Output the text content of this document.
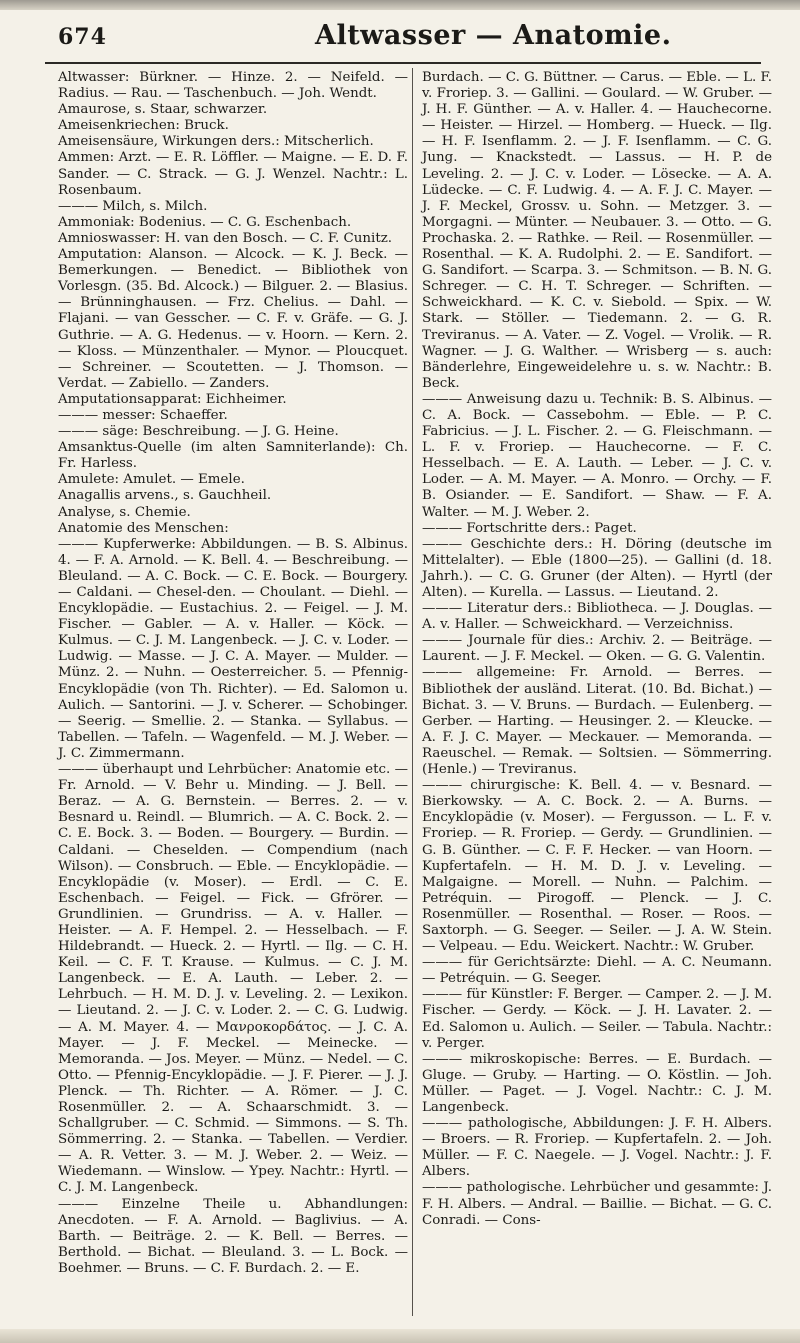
674	Altwasser — Anatomie.

Altwasser: Bürkner. — Hinze. 2. — Neifeld. — Radius. — Rau. — Taschenbuch. — Joh. Wendt.

Amaurose, s. Staar, schwarzer.

Ameisenkriechen: Bruck.

Ameisensäure, Wirkungen ders.: Mitscherlich.

Ammen: Arzt. — E. R. Löffler. — Maigne. — E. D. F. Sander. — C. Strack. — G. J. Wenzel. Nachtr.: L. Rosenbaum.

——— Milch, s. Milch.

Ammoniak: Bodenius. — C. G. Eschenbach.

Amnioswasser: H. van den Bosch. — C. F. Cunitz.

Amputation: Alanson. — Alcock. — K. J. Beck. — Bemerkungen. — Benedict. — Bibliothek von Vorlesgn. (35. Bd. Alcock.) — Bilguer. 2. — Blasius. — Brünninghausen. — Frz. Chelius. — Dahl. — Flajani. — van Gesscher. — C. F. v. Gräfe. — G. J. Guthrie. — A. G. Hedenus. — v. Hoorn. — Kern. 2. — Kloss. — Münzenthaler. — Mynor. — Ploucquet. — Schreiner. — Scoutetten. — J. Thomson. — Verdat. — Zabiello. — Zanders.

Amputationsapparat: Eichheimer.

——— messer: Schaeffer.

——— säge: Beschreibung. — J. G. Heine.

Amsanktus-Quelle (im alten Samniterlande): Ch. Fr. Harless.

Amulete: Amulet. — Emele.

Anagallis arvens., s. Gauchheil.

Analyse, s. Chemie.

Anatomie des Menschen:

——— Kupferwerke: Abbildungen. — B. S. Albinus. 4. — F. A. Arnold. — K. Bell. 4. — Beschreibung. — Bleuland. — A. C. Bock. — C. E. Bock. — Bourgery. — Caldani. — Chesel-den. — Choulant. — Diehl. — Encyklopädie. — Eustachius. 2. — Feigel. — J. M. Fischer. — Gabler. — A. v. Haller. — Köck. — Kulmus. — C. J. M. Langenbeck. — J. C. v. Loder. — Ludwig. — Masse. — J. C. A. Mayer. — Mulder. — Münz. 2. — Nuhn. — Oesterreicher. 5. — Pfennig-Encyklopädie (von Th. Richter). — Ed. Salomon u. Aulich. — Santorini. — J. v. Scherer. — Schobinger. — Seerig. — Smellie. 2. — Stanka. — Syllabus. — Tabellen. — Tafeln. — Wagenfeld. — M. J. Weber. — J. C. Zimmermann.

——— überhaupt und Lehrbücher: Anatomie etc. — Fr. Arnold. — V. Behr u. Minding. — J. Bell. — Beraz. — A. G. Bernstein. — Berres. 2. — v. Besnard u. Reindl. — Blumrich. — A. C. Bock. 2. — C. E. Bock. 3. — Boden. — Bourgery. — Burdin. — Caldani. — Cheselden. — Compendium (nach Wilson). — Consbruch. — Eble. — Encyklopädie. — Encyklopädie (v. Moser). — Erdl. — C. E. Eschenbach. — Feigel. — Fick. — Gfrörer. — Grundlinien. — Grundriss. — A. v. Haller. — Heister. — A. F. Hempel. 2. — Hesselbach. — F. Hildebrandt. — Hueck. 2. — Hyrtl. — Ilg. — C. H. Keil. — C. F. T. Krause. — Kulmus. — C. J. M. Langenbeck. — E. A. Lauth. — Leber. 2. — Lehrbuch. — H. M. D. J. v. Leveling. 2. — Lexikon. — Lieutand. 2. — J. C. v. Loder. 2. — C. G. Ludwig. — A. M. Mayer. 4. — Μανρoκoρδάτoς. — J. C. A. Mayer. — J. F. Meckel. — Meinecke. — Memoranda. — Jos. Meyer. — Münz. — Nedel. — C. Otto. — Pfennig-Encyklopädie. — J. F. Pierer. — J. J. Plenck. — Th. Richter. — A. Römer. — J. C. Rosenmüller. 2. — A. Schaarschmidt. 3. — Schallgruber. — C. Schmid. — Simmons. — S. Th. Sömmerring. 2. — Stanka. — Tabellen. — Verdier. — A. R. Vetter. 3. — M. J. Weber. 2. — Weiz. — Wiedemann. — Winslow. — Ypey. Nachtr.: Hyrtl. — C. J. M. Langenbeck.

——— Einzelne Theile u. Abhandlungen: Anecdoten. — F. A. Arnold. — Baglivius. — A. Barth. — Beiträge. 2. — K. Bell. — Berres. — Berthold. — Bichat. — Bleuland. 3. — L. Bock. — Boehmer. — Bruns. — C. F. Burdach. 2. — E.

Burdach. — C. G. Büttner. — Carus. — Eble. — L. F. v. Froriep. 3. — Gallini. — Goulard. — W. Gruber. — J. H. F. Günther. — A. v. Haller. 4. — Hauchecorne. — Heister. — Hirzel. — Homberg. — Hueck. — Ilg. — H. F. Isenflamm. 2. — J. F. Isenflamm. — C. G. Jung. — Knackstedt. — Lassus. — H. P. de Leveling. 2. — J. C. v. Loder. — Lösecke. — A. A. Lüdecke. — C. F. Ludwig. 4. — A. F. J. C. Mayer. — J. F. Meckel, Grossv. u. Sohn. — Metzger. 3. — Morgagni. — Münter. — Neubauer. 3. — Otto. — G. Prochaska. 2. — Rathke. — Reil. — Rosenmüller. — Rosenthal. — K. A. Rudolphi. 2. — E. Sandifort. — G. Sandifort. — Scarpa. 3. — Schmitson. — B. N. G. Schreger. — C. H. T. Schreger. — Schriften. — Schweickhard. — K. C. v. Siebold. — Spix. — W. Stark. — Stöller. — Tiedemann. 2. — G. R. Treviranus. — A. Vater. — Z. Vogel. — Vrolik. — R. Wagner. — J. G. Walther. — Wrisberg — s. auch: Bänderlehre, Eingeweidelehre u. s. w. Nachtr.: B. Beck.

——— Anweisung dazu u. Technik: B. S. Albinus. — C. A. Bock. — Cassebohm. — Eble. — P. C. Fabricius. — J. L. Fischer. 2. — G. Fleischmann. — L. F. v. Froriep. — Hauchecorne. — F. C. Hesselbach. — E. A. Lauth. — Leber. — J. C. v. Loder. — A. M. Mayer. — A. Monro. — Orchy. — F. B. Osiander. — E. Sandifort. — Shaw. — F. A. Walter. — M. J. Weber. 2.

——— Fortschritte ders.: Paget.

——— Geschichte ders.: H. Döring (deutsche im Mittelalter). — Eble (1800—25). — Gallini (d. 18. Jahrh.). — C. G. Gruner (der Alten). — Hyrtl (der Alten). — Kurella. — Lassus. — Lieutand. 2.

——— Literatur ders.: Bibliotheca. — J. Douglas. — A. v. Haller. — Schweickhard. — Verzeichniss.

——— Journale für dies.: Archiv. 2. — Beiträge. — Laurent. — J. F. Meckel. — Oken. — G. G. Valentin.

——— allgemeine: Fr. Arnold. — Berres. — Bibliothek der ausländ. Literat. (10. Bd. Bichat.) — Bichat. 3. — V. Bruns. — Burdach. — Eulenberg. — Gerber. — Harting. — Heusinger. 2. — Kleucke. — A. F. J. C. Mayer. — Meckauer. — Memoranda. — Raeuschel. — Remak. — Soltsien. — Sömmerring. (Henle.) — Treviranus.

——— chirurgische: K. Bell. 4. — v. Besnard. — Bierkowsky. — A. C. Bock. 2. — A. Burns. — Encyklopädie (v. Moser). — Fergusson. — L. F. v. Froriep. — R. Froriep. — Gerdy. — Grundlinien. — G. B. Günther. — C. F. F. Hecker. — van Hoorn. — Kupfertafeln. — H. M. D. J. v. Leveling. — Malgaigne. — Morell. — Nuhn. — Palchim. — Petréquin. — Pirogoff. — Plenck. — J. C. Rosenmüller. — Rosenthal. — Roser. — Roos. — Saxtorph. — G. Seeger. — Seiler. — J. A. W. Stein. — Velpeau. — Edu. Weickert. Nachtr.: W. Gruber.

——— für Gerichtsärzte: Diehl. — A. C. Neumann. — Petréquin. — G. Seeger.

——— für Künstler: F. Berger. — Camper. 2. — J. M. Fischer. — Gerdy. — Köck. — J. H. Lavater. 2. — Ed. Salomon u. Aulich. — Seiler. — Tabula. Nachtr.: v. Perger.

——— mikroskopische: Berres. — E. Burdach. — Gluge. — Gruby. — Harting. — O. Köstlin. — Joh. Müller. — Paget. — J. Vogel. Nachtr.: C. J. M. Langenbeck.

——— pathologische, Abbildungen: J. F. H. Albers. — Broers. — R. Froriep. — Kupfertafeln. 2. — Joh. Müller. — F. C. Naegele. — J. Vogel. Nachtr.: J. F. Albers.

——— pathologische. Lehrbücher und gesammte: J. F. H. Albers. — Andral. — Baillie. — Bichat. — G. C. Conradi. — Cons-
